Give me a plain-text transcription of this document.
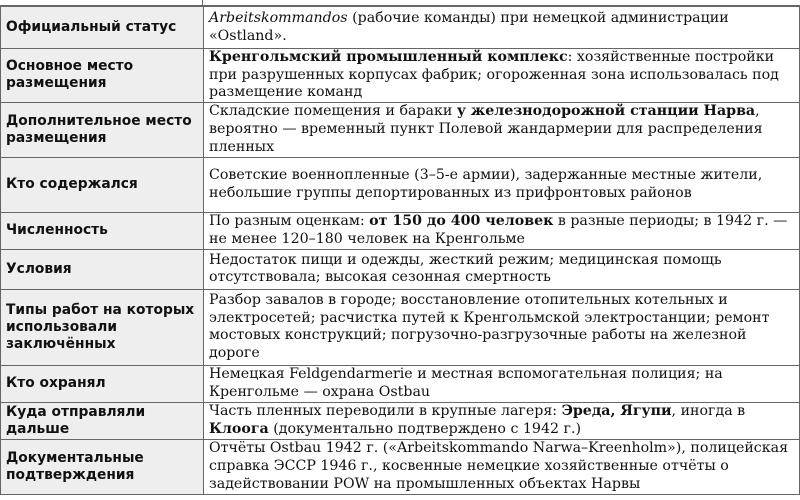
Официальный статус	Arbeitskommandos (рабочие команды) при немецкой администрации «Ostland».
Основное место размещения	Кренгольмский промышленный комплекс: хозяйственные постройки при разрушенных корпусах фабрик; огороженная зона использовалась под размещение команд
Дополнительное место размещения	Складские помещения и бараки у железнодорожной станции Нарва, вероятно — временный пункт Полевой жандармерии для распределения пленных
Кто содержался	Советские военнопленные (3–5-е армии), задержанные местные жители, небольшие группы депортированных из прифронтовых районов
Численность	По разным оценкам: от 150 до 400 человек в разные периоды; в 1942 г. — не менее 120–180 человек на Кренгольме
Условия	Недостаток пищи и одежды, жесткий режим; медицинская помощь отсутствовала; высокая сезонная смертность
Типы работ на которых использовали заключённых	Разбор завалов в городе; восстановление отопительных котельных и электросетей; расчистка путей к Кренгольмской электростанции; ремонт мостовых конструкций; погрузочно-разгрузочные работы на железной дороге
Кто охранял	Немецкая Feldgendarmerie и местная вспомогательная полиция; на Кренгольме — охрана Ostbau
Куда отправляли дальше	Часть пленных переводили в крупные лагеря: Эреда, Ягупи, иногда в Клоога (документально подтверждено с 1942 г.)
Документальные подтверждения	Отчёты Ostbau 1942 г. («Arbeitskommando Narwa–Kreenholm»), полицейская справка ЭССР 1946 г., косвенные немецкие хозяйственные отчёты о задействовании POW на промышленных объектах Нарвы
